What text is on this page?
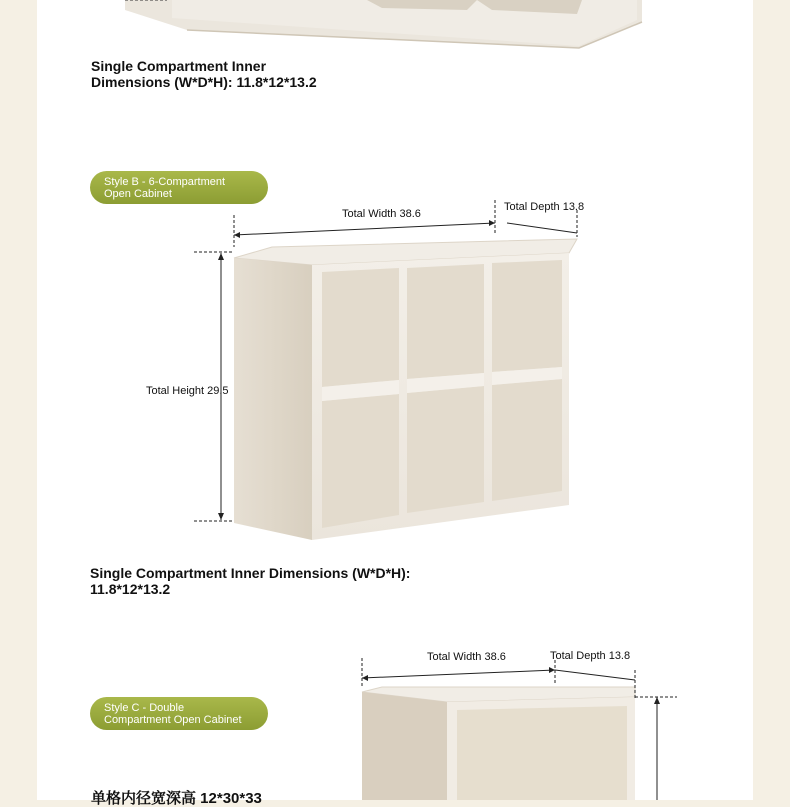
Single Compartment Inner
Dimensions (W*D*H): 11.8*12*13.2
Style B - 6-Compartment
Open Cabinet
Total Width 38.6
Total Depth 13.8
Total Height 29.5
Single Compartment Inner Dimensions (W*D*H):
11.8*12*13.2
Style C - Double
Compartment Open Cabinet
Total Width 38.6	Total Depth 13.8
单格内径宽深高 12*30*33
